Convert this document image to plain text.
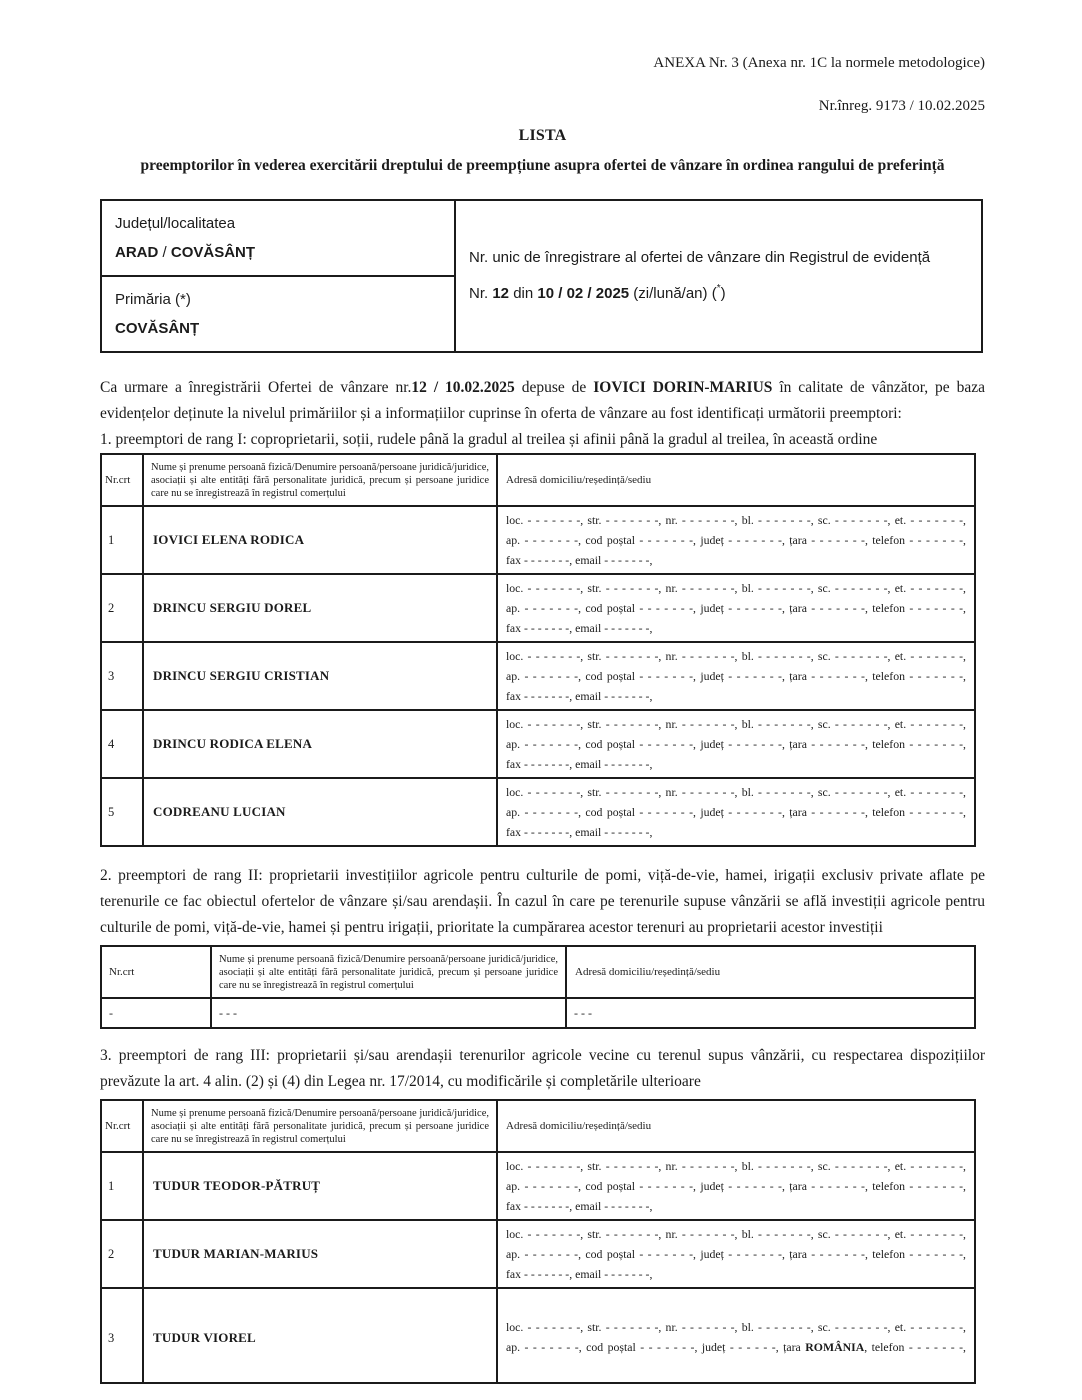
ANEXA Nr. 3 (Anexa nr. 1C la normele metodologice)
Nr.înreg. 9173 / 10.02.2025
LISTA
preemptorilor în vederea exercitării dreptului de preempțiune asupra ofertei de vânzare în ordinea rangului de preferință
Județul/localitatea
ARAD / COVĂSÂNȚ	Nr. unic de înregistrare al ofertei de vânzare din Registrul de evidență
Nr. 12 din 10 / 02 / 2025 (zi/lună/an) (*)

Primăria (*)
COVĂSÂNȚ

Ca urmare a înregistrării Ofertei de vânzare nr.12 / 10.02.2025 depuse de IOVICI DORIN-MARIUS în calitate de vânzător, pe baza evidențelor deținute la nivelul primăriilor și a informațiilor cuprinse în oferta de vânzare au fost identificați următorii preemptori:

1. preemptori de rang I: coproprietarii, soții, rudele până la gradul al treilea și afinii până la gradul al treilea, în această ordine

Nr.crt	Nume și prenume persoană fizică/Denumire persoană/persoane juridică/juridice, asociații și alte entități fără personalitate juridică, precum și persoane juridice care nu se înregistrează în registrul comerțului	Adresă domiciliu/reședință/sediu
1	IOVICI ELENA RODICA	loc. - - - - - - -, str. - - - - - - -, nr. - - - - - - -, bl. - - - - - - -, sc. - - - - - - -, et. - - - - - - -,
ap. - - - - - - -, cod poștal - - - - - - -, județ - - - - - - -, țara - - - - - - -, telefon - - - - - - -,
fax - - - - - - -, email - - - - - - -,

2	DRINCU SERGIU DOREL	loc. - - - - - - -, str. - - - - - - -, nr. - - - - - - -, bl. - - - - - - -, sc. - - - - - - -, et. - - - - - - -,
ap. - - - - - - -, cod poștal - - - - - - -, județ - - - - - - -, țara - - - - - - -, telefon - - - - - - -,
fax - - - - - - -, email - - - - - - -,

3	DRINCU SERGIU CRISTIAN	loc. - - - - - - -, str. - - - - - - -, nr. - - - - - - -, bl. - - - - - - -, sc. - - - - - - -, et. - - - - - - -,
ap. - - - - - - -, cod poștal - - - - - - -, județ - - - - - - -, țara - - - - - - -, telefon - - - - - - -,
fax - - - - - - -, email - - - - - - -,

4	DRINCU RODICA ELENA	loc. - - - - - - -, str. - - - - - - -, nr. - - - - - - -, bl. - - - - - - -, sc. - - - - - - -, et. - - - - - - -,
ap. - - - - - - -, cod poștal - - - - - - -, județ - - - - - - -, țara - - - - - - -, telefon - - - - - - -,
fax - - - - - - -, email - - - - - - -,

5	CODREANU LUCIAN	loc. - - - - - - -, str. - - - - - - -, nr. - - - - - - -, bl. - - - - - - -, sc. - - - - - - -, et. - - - - - - -,
ap. - - - - - - -, cod poștal - - - - - - -, județ - - - - - - -, țara - - - - - - -, telefon - - - - - - -,
fax - - - - - - -, email - - - - - - -,

2. preemptori de rang II: proprietarii investițiilor agricole pentru culturile de pomi, viță-de-vie, hamei, irigații exclusiv private aflate pe terenurile ce fac obiectul ofertelor de vânzare și/sau arendașii. În cazul în care pe terenurile supuse vânzării se află investiții agricole pentru culturile de pomi, viță-de-vie, hamei și pentru irigații, prioritate la cumpărarea acestor terenuri au proprietarii acestor investiții

Nr.crt	Nume și prenume persoană fizică/Denumire persoană/persoane juridică/juridice, asociații și alte entități fără personalitate juridică, precum și persoane juridice care nu se înregistrează în registrul comerțului	Adresă domiciliu/reședință/sediu
-	- - -	- - -

3. preemptori de rang III: proprietarii și/sau arendașii terenurilor agricole vecine cu terenul supus vânzării, cu respectarea dispozițiilor prevăzute la art. 4 alin. (2) și (4) din Legea nr. 17/2014, cu modificările și completările ulterioare

Nr.crt	Nume și prenume persoană fizică/Denumire persoană/persoane juridică/juridice, asociații și alte entități fără personalitate juridică, precum și persoane juridice care nu se înregistrează în registrul comerțului	Adresă domiciliu/reședință/sediu
1	TUDUR TEODOR-PĂTRUȚ	loc. - - - - - - -, str. - - - - - - -, nr. - - - - - - -, bl. - - - - - - -, sc. - - - - - - -, et. - - - - - - -,
ap. - - - - - - -, cod poștal - - - - - - -, județ - - - - - - -, țara - - - - - - -, telefon - - - - - - -,
fax - - - - - - -, email - - - - - - -,

2	TUDUR MARIAN-MARIUS	loc. - - - - - - -, str. - - - - - - -, nr. - - - - - - -, bl. - - - - - - -, sc. - - - - - - -, et. - - - - - - -,
ap. - - - - - - -, cod poștal - - - - - - -, județ - - - - - - -, țara - - - - - - -, telefon - - - - - - -,
fax - - - - - - -, email - - - - - - -,

3	TUDUR VIOREL	loc. - - - - - - -, str. - - - - - - -, nr. - - - - - - -, bl. - - - - - - -, sc. - - - - - - -, et. - - - - - - -,
ap. - - - - - - -, cod poștal - - - - - - -, județ - - - - - -, țara ROMÂNIA, telefon - - - - - - -,
